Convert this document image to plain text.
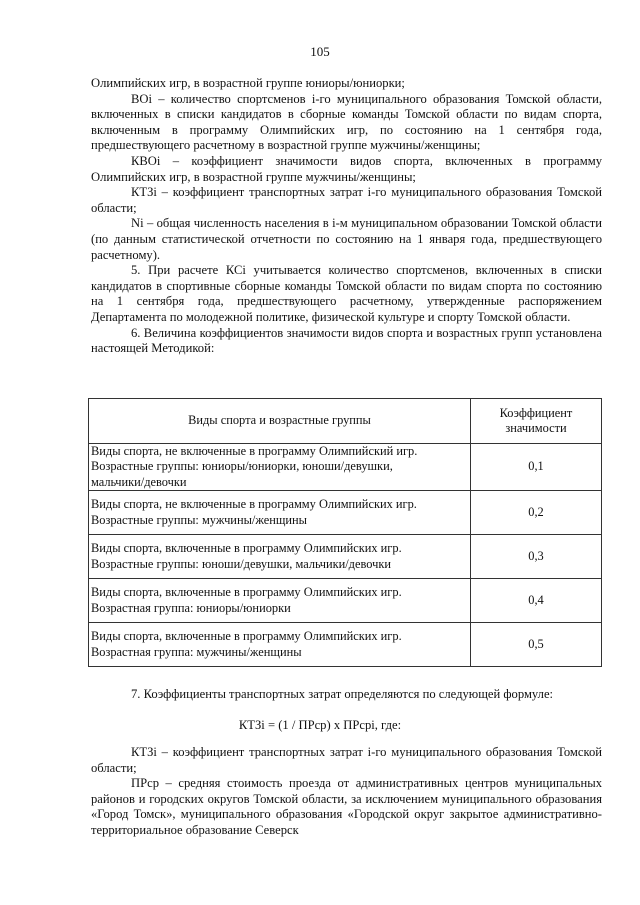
105

Олимпийских игр, в возрастной группе юниоры/юниорки;

ВОi – количество спортсменов i-го муниципального образования Томской области, включенных в списки кандидатов в сборные команды Томской области по видам спорта, включенным в программу Олимпийских игр, по состоянию на 1 сентября года, предшествующего расчетному в возрастной группе мужчины/женщины;

КВОi – коэффициент значимости видов спорта, включенных в программу Олимпийских игр, в возрастной группе мужчины/женщины;

КТЗi – коэффициент транспортных затрат i-го муниципального образования Томской области;

Ni – общая численность населения в i-м муниципальном образовании Томской области (по данным статистической отчетности по состоянию на 1 января года, предшествующего расчетному).

5. При расчете КСi учитывается количество спортсменов, включенных в списки кандидатов в спортивные сборные команды Томской области по видам спорта по состоянию на 1 сентября года, предшествующего расчетному, утвержденные распоряжением Департамента по молодежной политике, физической культуре и спорту Томской области.

6. Величина коэффициентов значимости видов спорта и возрастных групп установлена настоящей Методикой:

Виды спорта и возрастные группы	Коэффициент значимости

Виды спорта, не включенные в программу Олимпийский игр.
Возрастные группы: юниоры/юниорки, юноши/девушки,
мальчики/девочки	0,1

Виды спорта, не включенные в программу Олимпийских игр.
Возрастные группы: мужчины/женщины	0,2

Виды спорта, включенные в программу Олимпийских игр.
Возрастные группы: юноши/девушки, мальчики/девочки	0,3

Виды спорта, включенные в программу Олимпийских игр.
Возрастная группа: юниоры/юниорки	0,4

Виды спорта, включенные в программу Олимпийских игр.
Возрастная группа: мужчины/женщины	0,5
7. Коэффициенты транспортных затрат определяются по следующей формуле:
КТЗi = (1 / ПРср) х ПРсрi, где:

КТЗi – коэффициент транспортных затрат i-го муниципального образования Томской области;

ПРср – средняя стоимость проезда от административных центров муниципальных районов и городских округов Томской области, за исключением муниципального образования «Город Томск», муниципального образования «Городской округ закрытое административно-территориальное образование Северск
